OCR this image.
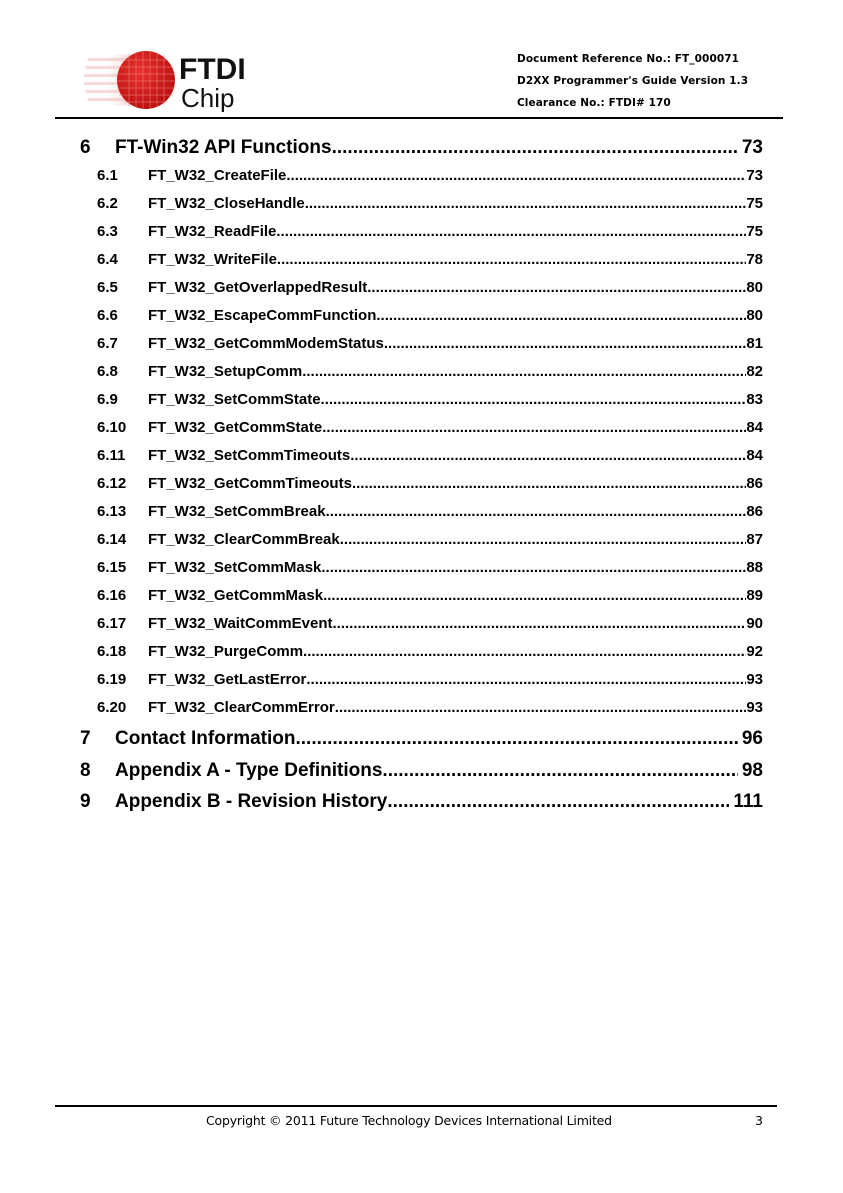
FTDI
Chip
Document Reference No.: FT_000071
D2XX Programmer's Guide Version 1.3
Clearance No.: FTDI# 170
6	FT-Win32 API Functions .....	73
6.1	FT_W32_CreateFile .....	73
6.2	FT_W32_CloseHandle .....	75
6.3	FT_W32_ReadFile .....	75
6.4	FT_W32_WriteFile .....	78
6.5	FT_W32_GetOverlappedResult .....	80
6.6	FT_W32_EscapeCommFunction .....	80
6.7	FT_W32_GetCommModemStatus .....	81
6.8	FT_W32_SetupComm .....	82
6.9	FT_W32_SetCommState .....	83
6.10	FT_W32_GetCommState .....	84
6.11	FT_W32_SetCommTimeouts .....	84
6.12	FT_W32_GetCommTimeouts .....	86
6.13	FT_W32_SetCommBreak .....	86
6.14	FT_W32_ClearCommBreak .....	87
6.15	FT_W32_SetCommMask .....	88
6.16	FT_W32_GetCommMask .....	89
6.17	FT_W32_WaitCommEvent .....	90
6.18	FT_W32_PurgeComm .....	92
6.19	FT_W32_GetLastError .....	93
6.20	FT_W32_ClearCommError .....	93
7	Contact Information .....	96
8	Appendix A - Type Definitions .....	98
9	Appendix B - Revision History .....	111
Copyright © 2011 Future Technology Devices International Limited	3
